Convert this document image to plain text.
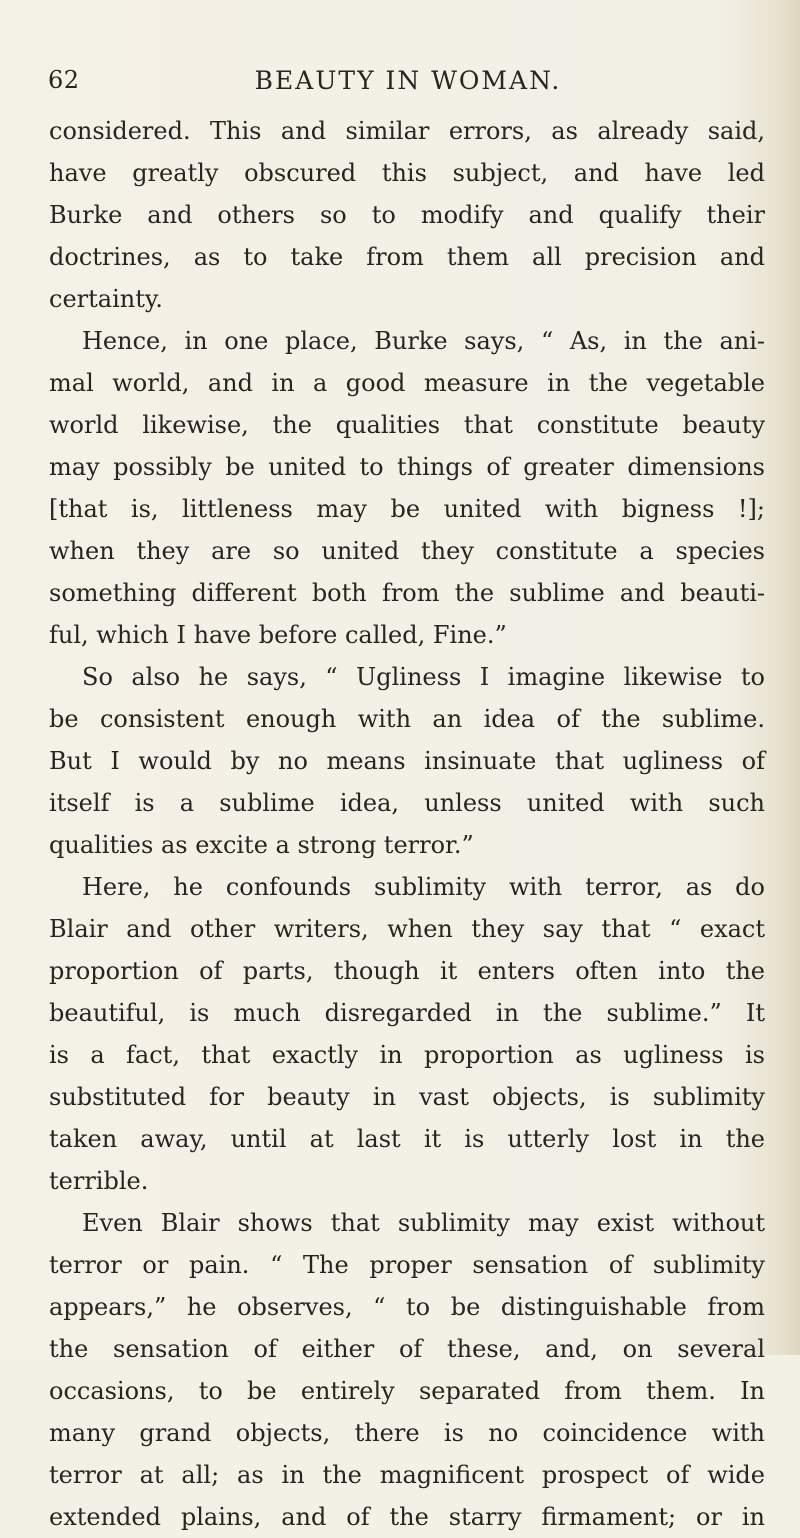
62	BEAUTY IN WOMAN.
considered. This and similar errors, as already said,
have greatly obscured this subject, and have led
Burke and others so to modify and qualify their
doctrines, as to take from them all precision and
certainty.
Hence, in one place, Burke says, “ As, in the ani-
mal world, and in a good measure in the vegetable
world likewise, the qualities that constitute beauty
may possibly be united to things of greater dimensions
[that is, littleness may be united with bigness !];
when they are so united they constitute a species
something different both from the sublime and beauti-
ful, which I have before called, Fine.”
So also he says, “ Ugliness I imagine likewise to
be consistent enough with an idea of the sublime.
But I would by no means insinuate that ugliness of
itself is a sublime idea, unless united with such
qualities as excite a strong terror.”
Here, he confounds sublimity with terror, as do
Blair and other writers, when they say that “ exact
proportion of parts, though it enters often into the
beautiful, is much disregarded in the sublime.” It
is a fact, that exactly in proportion as ugliness is
substituted for beauty in vast objects, is sublimity
taken away, until at last it is utterly lost in the
terrible.
Even Blair shows that sublimity may exist without
terror or pain. “ The proper sensation of sublimity
appears,” he observes, “ to be distinguishable from
the sensation of either of these, and, on several
occasions, to be entirely separated from them. In
many grand objects, there is no coincidence with
terror at all; as in the magnificent prospect of wide
extended plains, and of the starry firmament; or in
